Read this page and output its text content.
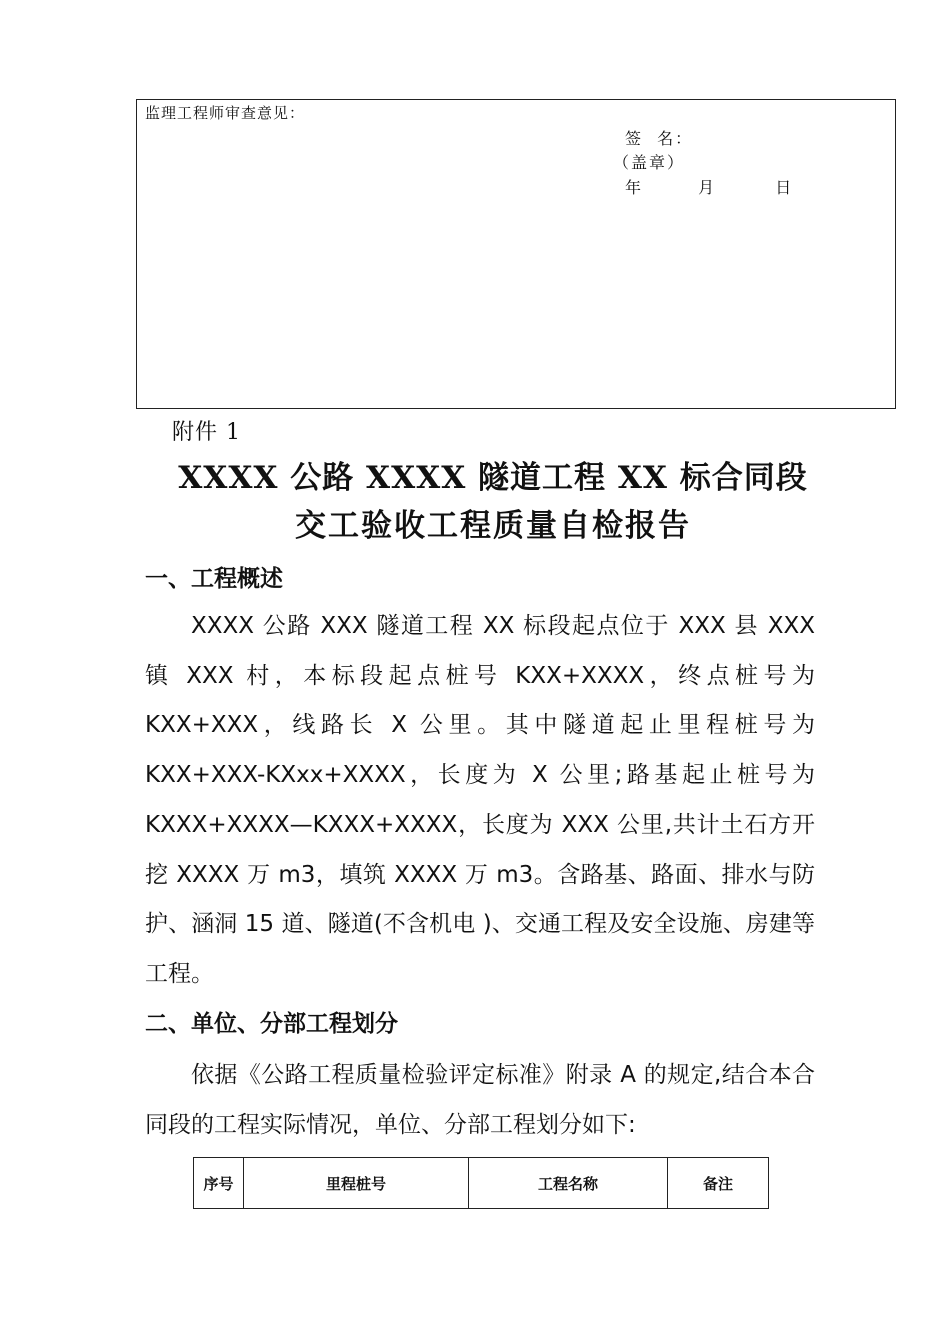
监理工程师审查意见：
签  名：
（盖章）
年	月	日
附件 1
XXXX 公路 XXXX 隧道工程 XX 标合同段
交工验收工程质量自检报告
一、工程概述

XXXX 公路 XXX 隧道工程 XX 标段起点位于 XXX 县 XXX 镇 XXX 村，本标段起点桩号 KXX+XXXX，终点桩号为 KXX+XXX，线路长 X 公里。其中隧道起止里程桩号为 KXX+XXX-KXxx+XXXX，长度为 X 公里;路基起止桩号为 KXXX+XXXX—KXXX+XXXX，长度为 XXX 公里,共计土石方开挖 XXXX 万 m3，填筑 XXXX 万 m3。含路基、路面、排水与防护、涵洞 15 道、隧道(不含机电 )、交通工程及安全设施、房建等工程。

二、单位、分部工程划分

依据《公路工程质量检验评定标准》附录 A 的规定,结合本合同段的工程实际情况，单位、分部工程划分如下:

序号	里程桩号	工程名称	备注
